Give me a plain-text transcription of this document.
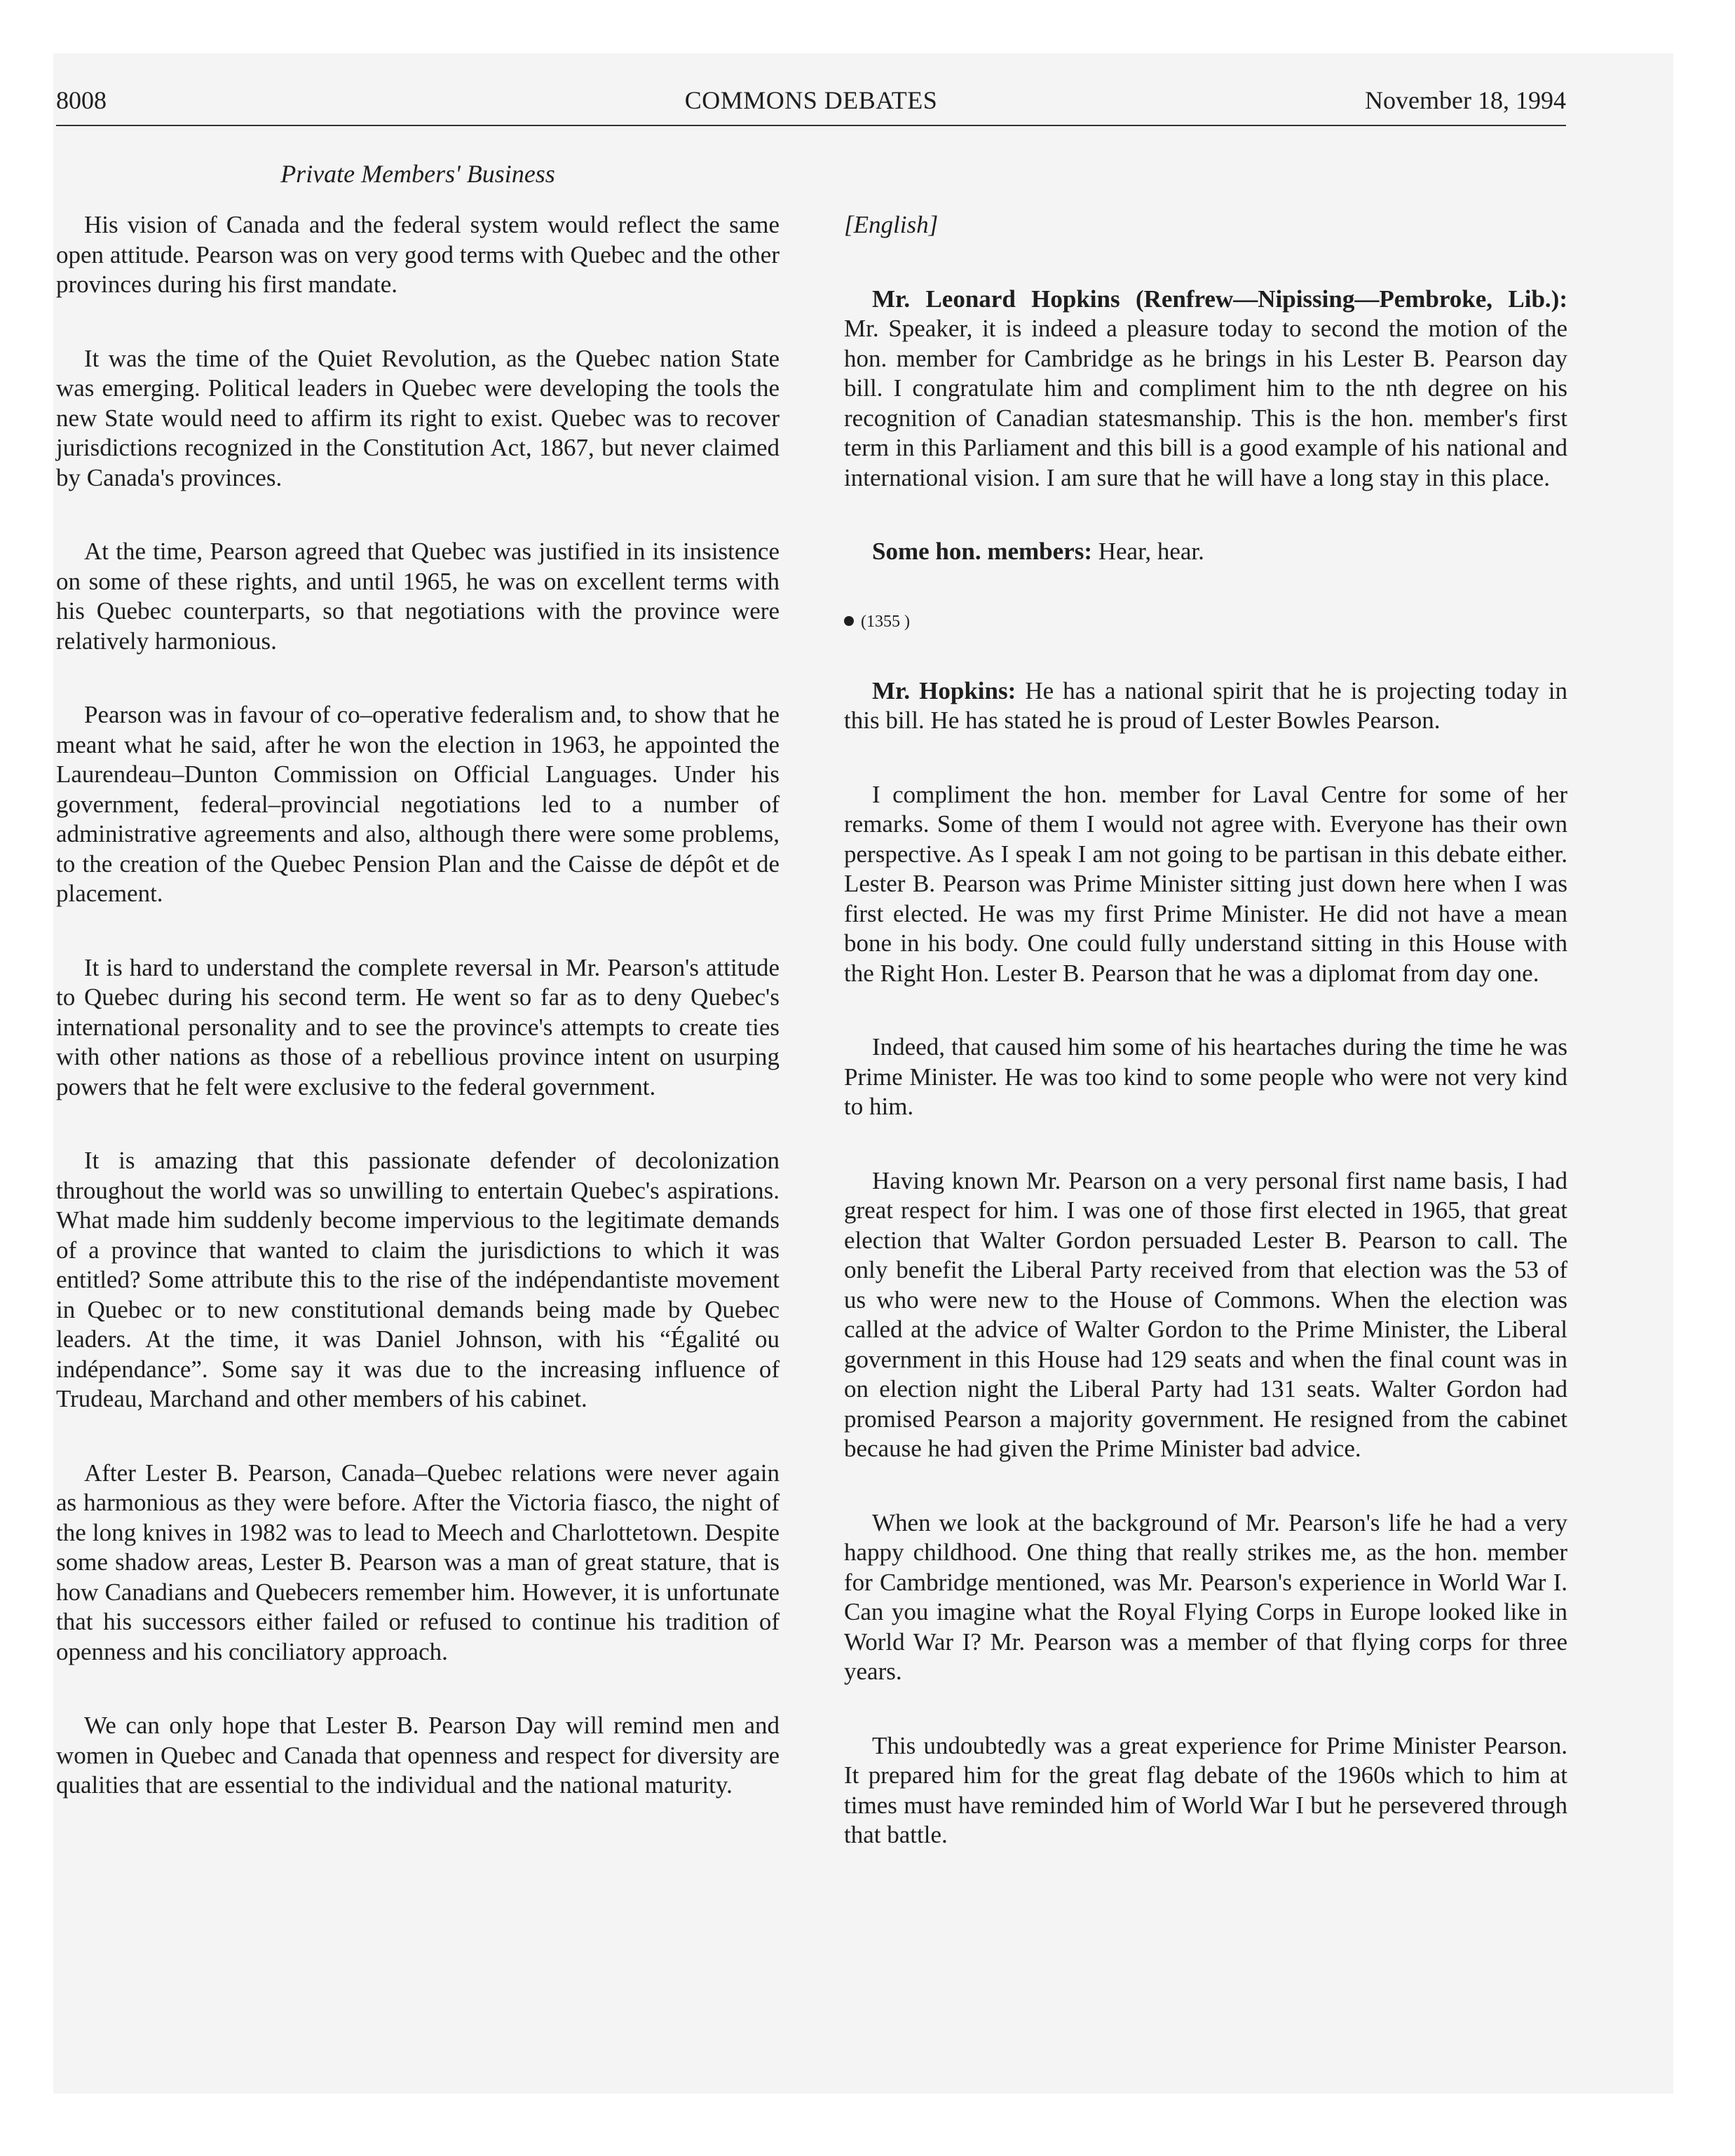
8008	COMMONS DEBATES	November 18, 1994
Private Members' Business

His vision of Canada and the federal system would reflect the same open attitude. Pearson was on very good terms with Quebec and the other provinces during his first mandate.

It was the time of the Quiet Revolution, as the Quebec nation State was emerging. Political leaders in Quebec were developing the tools the new State would need to affirm its right to exist. Quebec was to recover jurisdictions recognized in the Constitution Act, 1867, but never claimed by Canada's provinces.

At the time, Pearson agreed that Quebec was justified in its insistence on some of these rights, and until 1965, he was on excellent terms with his Quebec counterparts, so that negotiations with the province were relatively harmonious.

Pearson was in favour of co–operative federalism and, to show that he meant what he said, after he won the election in 1963, he appointed the Laurendeau–Dunton Commission on Official Languages. Under his government, federal–provincial negotiations led to a number of administrative agreements and also, although there were some problems, to the creation of the Quebec Pension Plan and the Caisse de dépôt et de placement.

It is hard to understand the complete reversal in Mr. Pearson's attitude to Quebec during his second term. He went so far as to deny Quebec's international personality and to see the province's attempts to create ties with other nations as those of a rebellious province intent on usurping powers that he felt were exclusive to the federal government.

It is amazing that this passionate defender of decolonization throughout the world was so unwilling to entertain Quebec's aspirations. What made him suddenly become impervious to the legitimate demands of a province that wanted to claim the jurisdictions to which it was entitled? Some attribute this to the rise of the indépendantiste movement in Quebec or to new constitutional demands being made by Quebec leaders. At the time, it was Daniel Johnson, with his “Égalité ou indépendance”. Some say it was due to the increasing influence of Trudeau, Marchand and other members of his cabinet.

After Lester B. Pearson, Canada–Quebec relations were never again as harmonious as they were before. After the Victoria fiasco, the night of the long knives in 1982 was to lead to Meech and Charlottetown. Despite some shadow areas, Lester B. Pearson was a man of great stature, that is how Canadians and Quebecers remember him. However, it is unfortunate that his successors either failed or refused to continue his tradition of openness and his conciliatory approach.

We can only hope that Lester B. Pearson Day will remind men and women in Quebec and Canada that openness and respect for diversity are qualities that are essential to the individual and the national maturity.

[English]

Mr. Leonard Hopkins (Renfrew—Nipissing—Pembroke, Lib.): Mr. Speaker, it is indeed a pleasure today to second the motion of the hon. member for Cambridge as he brings in his Lester B. Pearson day bill. I congratulate him and compliment him to the nth degree on his recognition of Canadian statesmanship. This is the hon. member's first term in this Parliament and this bill is a good example of his national and international vision. I am sure that he will have a long stay in this place.

Some hon. members: Hear, hear.

(1355 )

Mr. Hopkins: He has a national spirit that he is projecting today in this bill. He has stated he is proud of Lester Bowles Pearson.

I compliment the hon. member for Laval Centre for some of her remarks. Some of them I would not agree with. Everyone has their own perspective. As I speak I am not going to be partisan in this debate either. Lester B. Pearson was Prime Minister sitting just down here when I was first elected. He was my first Prime Minister. He did not have a mean bone in his body. One could fully understand sitting in this House with the Right Hon. Lester B. Pearson that he was a diplomat from day one.

Indeed, that caused him some of his heartaches during the time he was Prime Minister. He was too kind to some people who were not very kind to him.

Having known Mr. Pearson on a very personal first name basis, I had great respect for him. I was one of those first elected in 1965, that great election that Walter Gordon persuaded Lester B. Pearson to call. The only benefit the Liberal Party received from that election was the 53 of us who were new to the House of Commons. When the election was called at the advice of Walter Gordon to the Prime Minister, the Liberal government in this House had 129 seats and when the final count was in on election night the Liberal Party had 131 seats. Walter Gordon had promised Pearson a majority government. He resigned from the cabinet because he had given the Prime Minister bad advice.

When we look at the background of Mr. Pearson's life he had a very happy childhood. One thing that really strikes me, as the hon. member for Cambridge mentioned, was Mr. Pearson's experience in World War I. Can you imagine what the Royal Flying Corps in Europe looked like in World War I? Mr. Pearson was a member of that flying corps for three years.

This undoubtedly was a great experience for Prime Minister Pearson. It prepared him for the great flag debate of the 1960s which to him at times must have reminded him of World War I but he persevered through that battle.
